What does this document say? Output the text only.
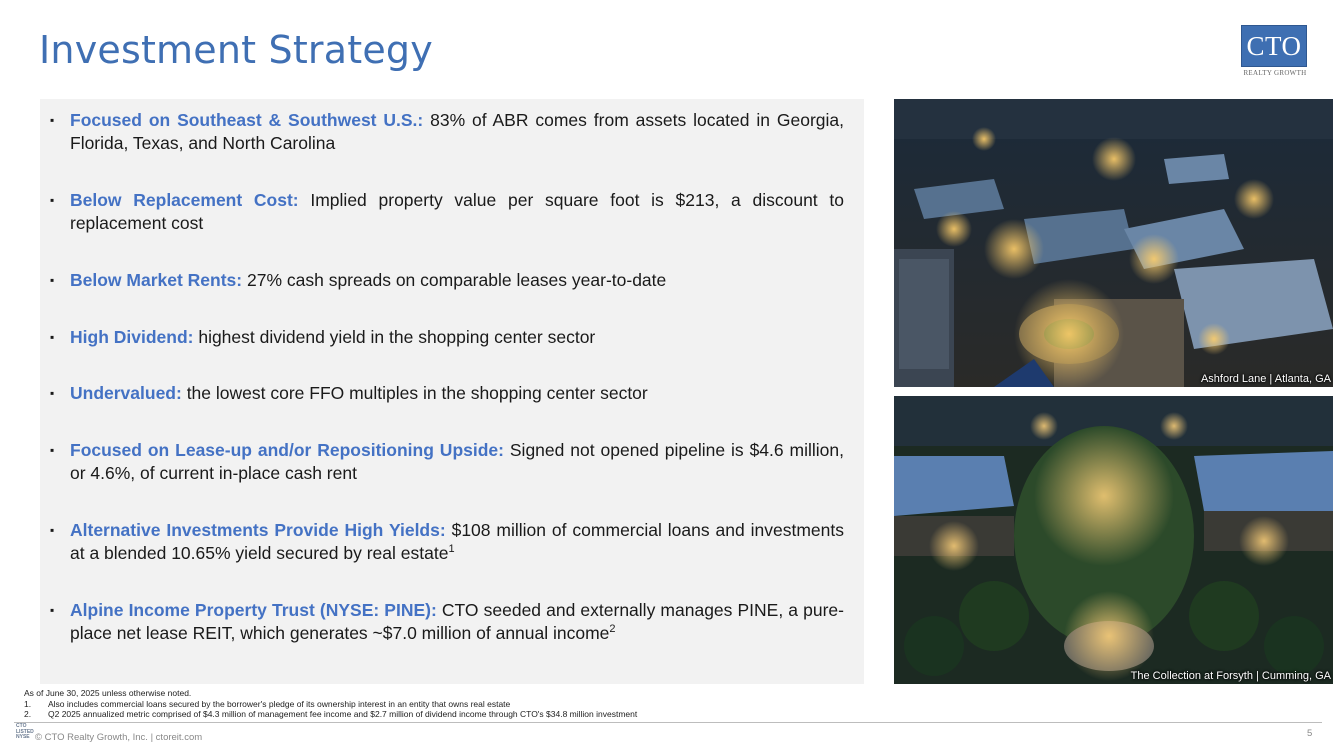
Investment Strategy	CTO
REALTY GROWTH
▪ Focused on Southeast & Southwest U.S.: 83% of ABR comes from assets located in Georgia, Florida, Texas, and North Carolina
▪ Below Replacement Cost: Implied property value per square foot is $213, a discount to replacement cost
▪ Below Market Rents: 27% cash spreads on comparable leases year-to-date
▪ High Dividend: highest dividend yield in the shopping center sector
▪ Undervalued: the lowest core FFO multiples in the shopping center sector
▪ Focused on Lease-up and/or Repositioning Upside: Signed not opened pipeline is $4.6 million, or 4.6%, of current in-place cash rent
▪ Alternative Investments Provide High Yields: $108 million of commercial loans and investments at a blended 10.65% yield secured by real estate$^1$
▪ Alpine Income Property Trust (NYSE: PINE): CTO seeded and externally manages PINE, a pure-place net lease REIT, which generates ~$7.0 million of annual income$^2$
Ashford Lane | Atlanta, GA
The Collection at Forsyth | Cumming, GA
As of June 30, 2025 unless otherwise noted.
1. Also includes commercial loans secured by the borrower's pledge of its ownership interest in an entity that owns real estate
2. Q2 2025 annualized metric comprised of $4.3 million of management fee income and $2.7 million of dividend income through CTO's $34.8 million investment
CTO
LISTED
NYSE © CTO Realty Growth, Inc. | ctoreit.com	5
